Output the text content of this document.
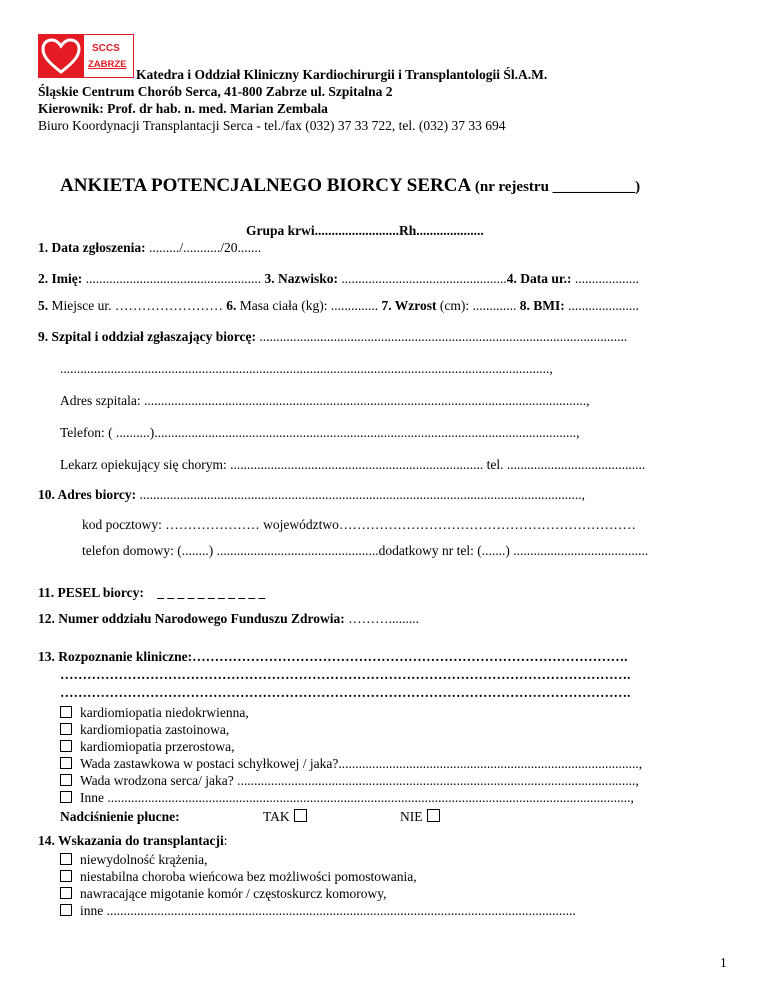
SCCS
ZABRZE
Katedra i Oddział Kliniczny Kardiochirurgii i Transplantologii Śl.A.M.
Śląskie Centrum Chorób Serca, 41-800 Zabrze ul. Szpitalna 2
Kierownik: Prof. dr hab. n. med. Marian Zembala
Biuro Koordynacji Transplantacji Serca - tel./fax (032) 37 33 722, tel. (032) 37 33 694
ANKIETA POTENCJALNEGO BIORCY SERCA (nr rejestru ___________)
Grupa krwi.........................Rh....................
1. Data zgłoszenia: ........./.........../20.......
2. Imię: .................................................... 3. Nazwisko: .................................................4. Data ur.: ...................
5. Miejsce ur. …………………… 6. Masa ciała (kg): .............. 7. Wzrost (cm): ............. 8. BMI: .....................
9. Szpital i oddział zgłaszający biorcę: .............................................................................................................
.................................................................................................................................................,
Adres szpitala: ...................................................................................................................................,
Telefon: ( ..........).............................................................................................................................,
Lekarz opiekujący się chorym: ........................................................................... tel. .........................................
10. Adres biorcy: ...................................................................................................................................,
kod pocztowy: ………………… województwo…………………………………………………………
telefon domowy: (........) ................................................dodatkowy nr tel: (.......) ........................................
11. PESEL biorcy: _ _ _ _ _ _ _ _ _ _ _
12. Numer oddziału Narodowego Funduszu Zdrowia: ……….........
13. Rozpoznanie kliniczne:…………………………………………………………………………………….
……………………………………………………………………………………………………………….
……………………………………………………………………………………………………………….
kardiomiopatia niedokrwienna,
kardiomiopatia zastoinowa,
kardiomiopatia przerostowa,
Wada zastawkowa w postaci schyłkowej / jaka?.........................................................................................,
Wada wrodzona serca/ jaka? ......................................................................................................................,
Inne ...........................................................................................................................................................,
Nadciśnienie płucne:	TAK	NIE
14. Wskazania do transplantacji:
niewydolność krążenia,
niestabilna choroba wieńcowa bez możliwości pomostowania,
nawracające migotanie komór / częstoskurcz komorowy,
inne ...........................................................................................................................................
1
